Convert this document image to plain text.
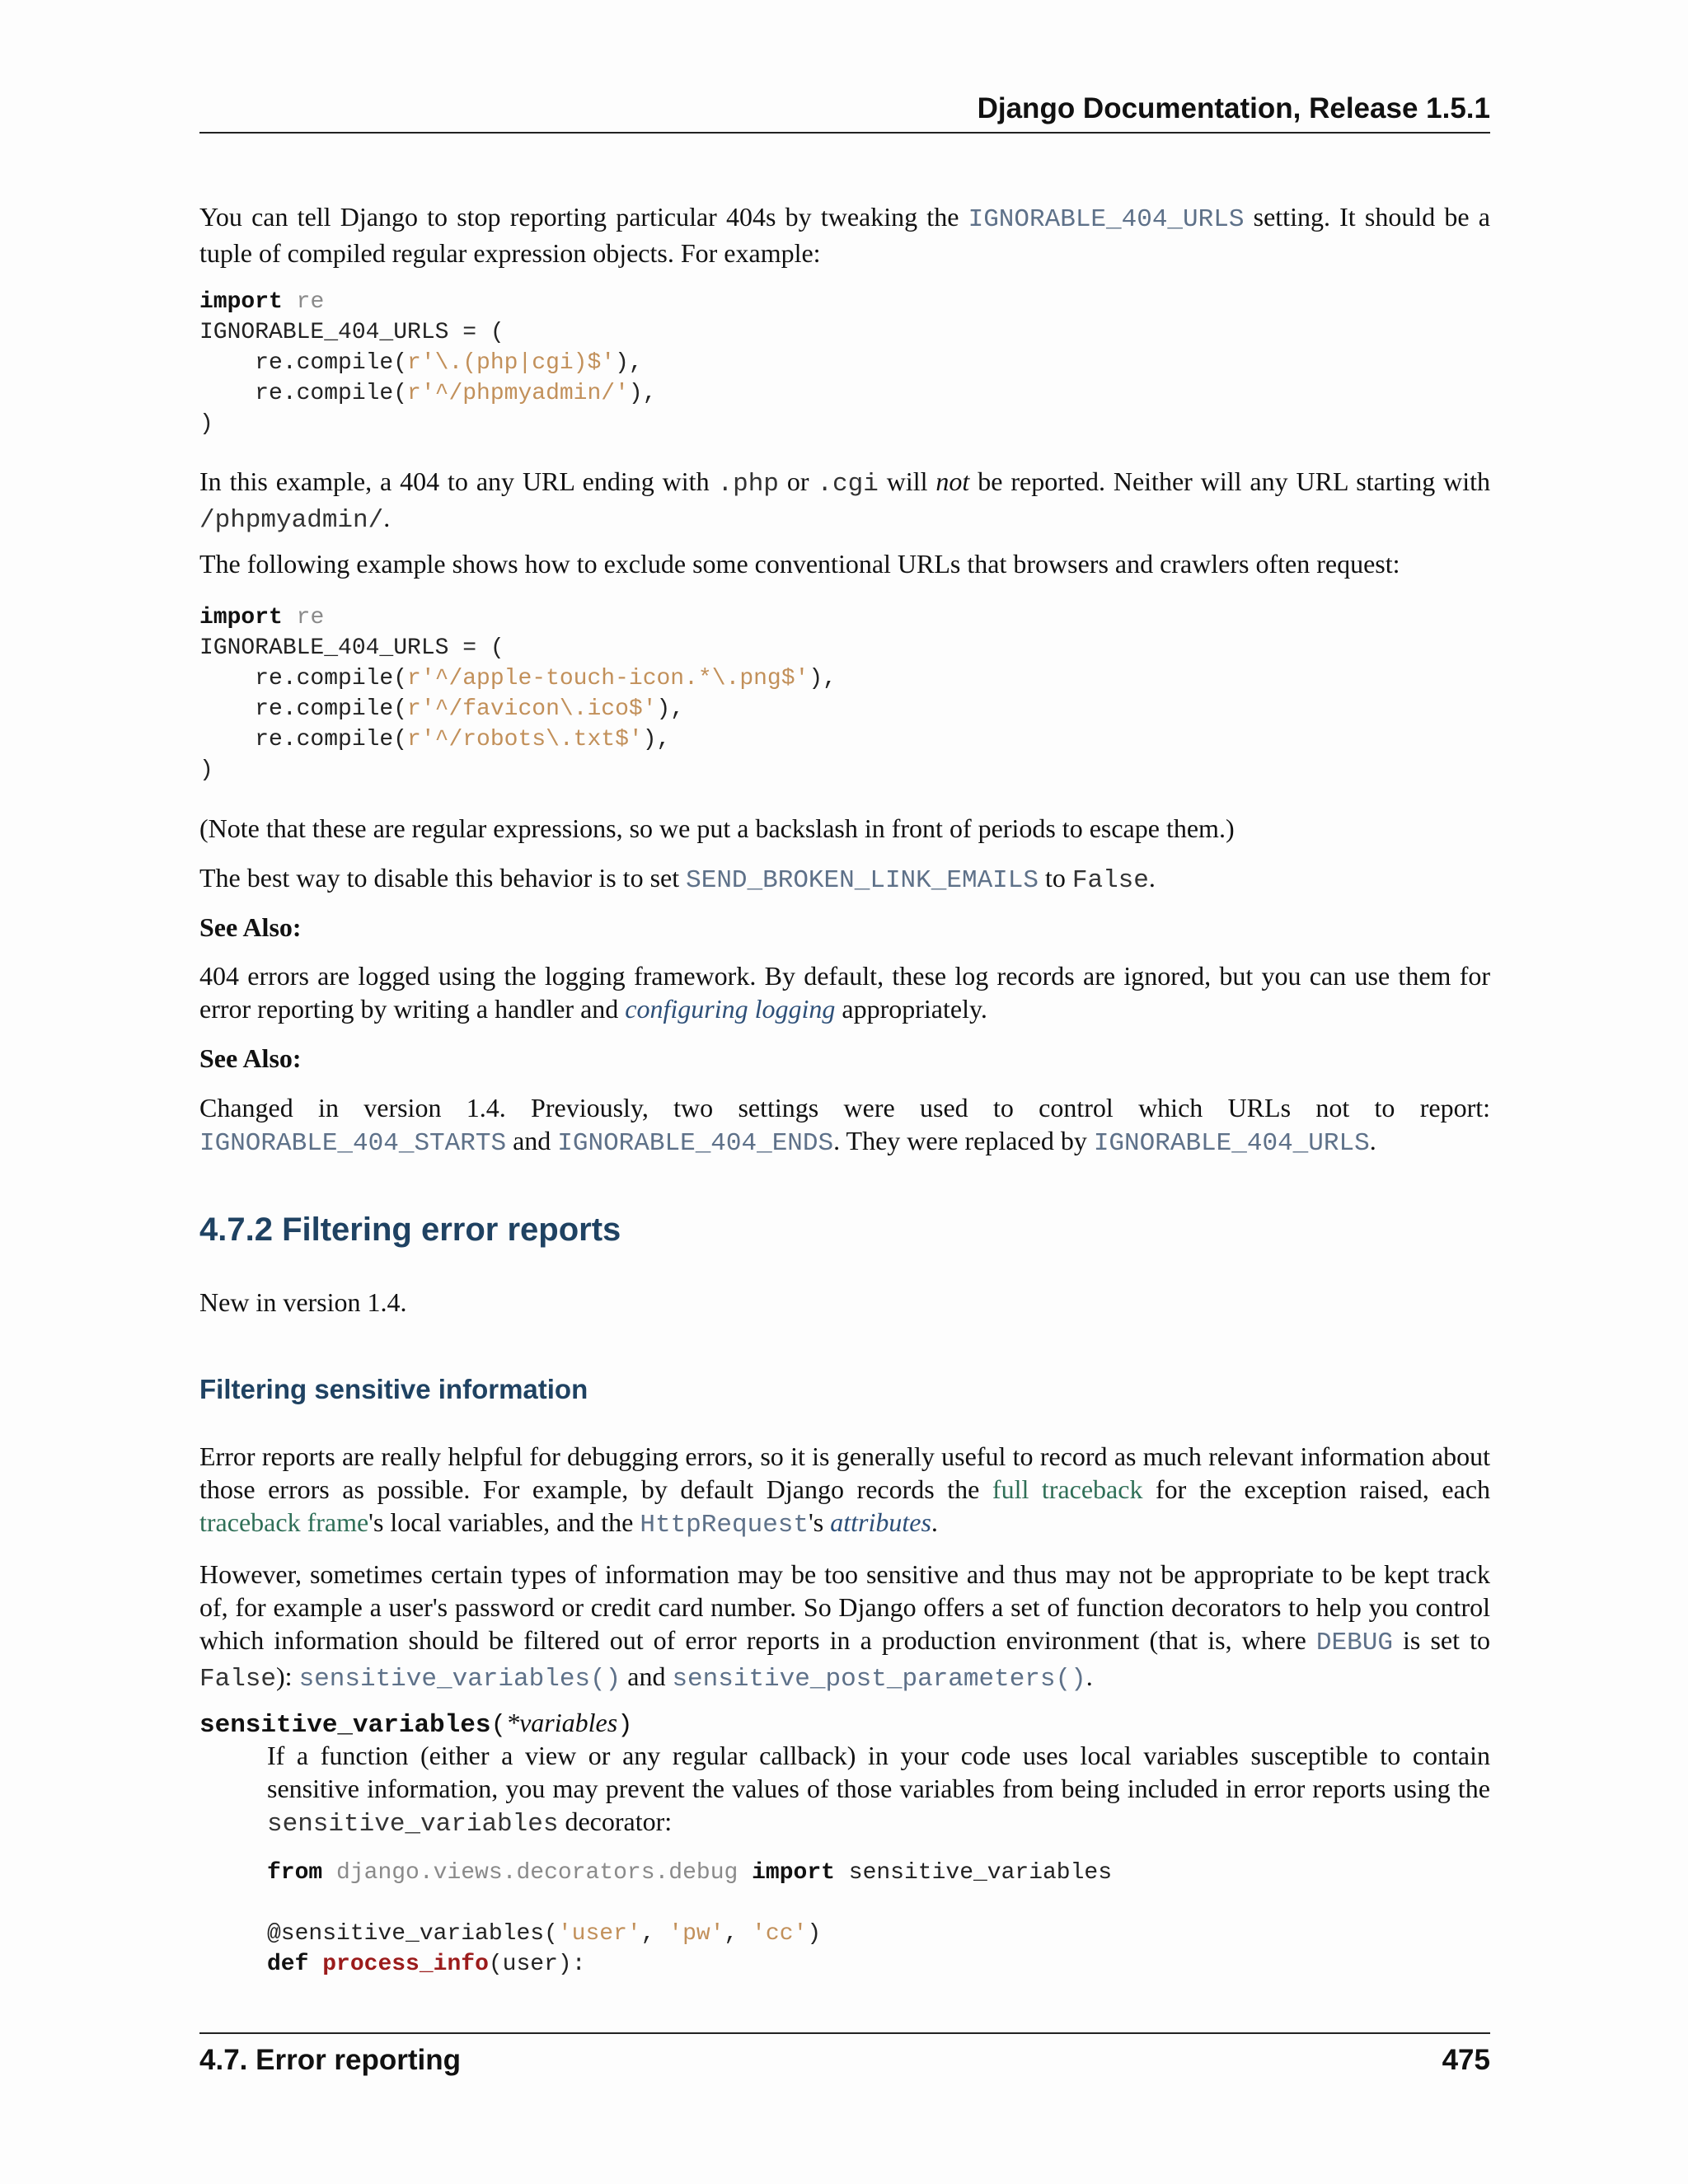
Django Documentation, Release 1.5.1
You can tell Django to stop reporting particular 404s by tweaking the IGNORABLE_404_URLS setting. It should be a tuple of compiled regular expression objects. For example:
import re
IGNORABLE_404_URLS = (
re.compile(r'\.(php|cgi)$'),
re.compile(r'^/phpmyadmin/'),
)
In this example, a 404 to any URL ending with .php or .cgi will not be reported. Neither will any URL starting with /phpmyadmin/.
The following example shows how to exclude some conventional URLs that browsers and crawlers often request:
import re
IGNORABLE_404_URLS = (
re.compile(r'^/apple-touch-icon.*\.png$'),
re.compile(r'^/favicon\.ico$'),
re.compile(r'^/robots\.txt$'),
)
(Note that these are regular expressions, so we put a backslash in front of periods to escape them.)
The best way to disable this behavior is to set SEND_BROKEN_LINK_EMAILS to False.
See Also:
404 errors are logged using the logging framework. By default, these log records are ignored, but you can use them for error reporting by writing a handler and configuring logging appropriately.
See Also:
Changed in version 1.4. Previously, two settings were used to control which URLs not to report:
IGNORABLE_404_STARTS and IGNORABLE_404_ENDS. They were replaced by IGNORABLE_404_URLS.
4.7.2 Filtering error reports
New in version 1.4.
Filtering sensitive information
Error reports are really helpful for debugging errors, so it is generally useful to record as much relevant information about those errors as possible. For example, by default Django records the full traceback for the exception raised, each traceback frame's local variables, and the HttpRequest's attributes.
However, sometimes certain types of information may be too sensitive and thus may not be appropriate to be kept track of, for example a user's password or credit card number. So Django offers a set of function decorators to help you control which information should be filtered out of error reports in a production environment (that is, where DEBUG is set to False): sensitive_variables() and sensitive_post_parameters().
sensitive_variables(*variables)
If a function (either a view or any regular callback) in your code uses local variables susceptible to contain sensitive information, you may prevent the values of those variables from being included in error reports using the sensitive_variables decorator:
from django.views.decorators.debug import sensitive_variables

@sensitive_variables('user', 'pw', 'cc')
def process_info(user):
4.7. Error reporting	475
